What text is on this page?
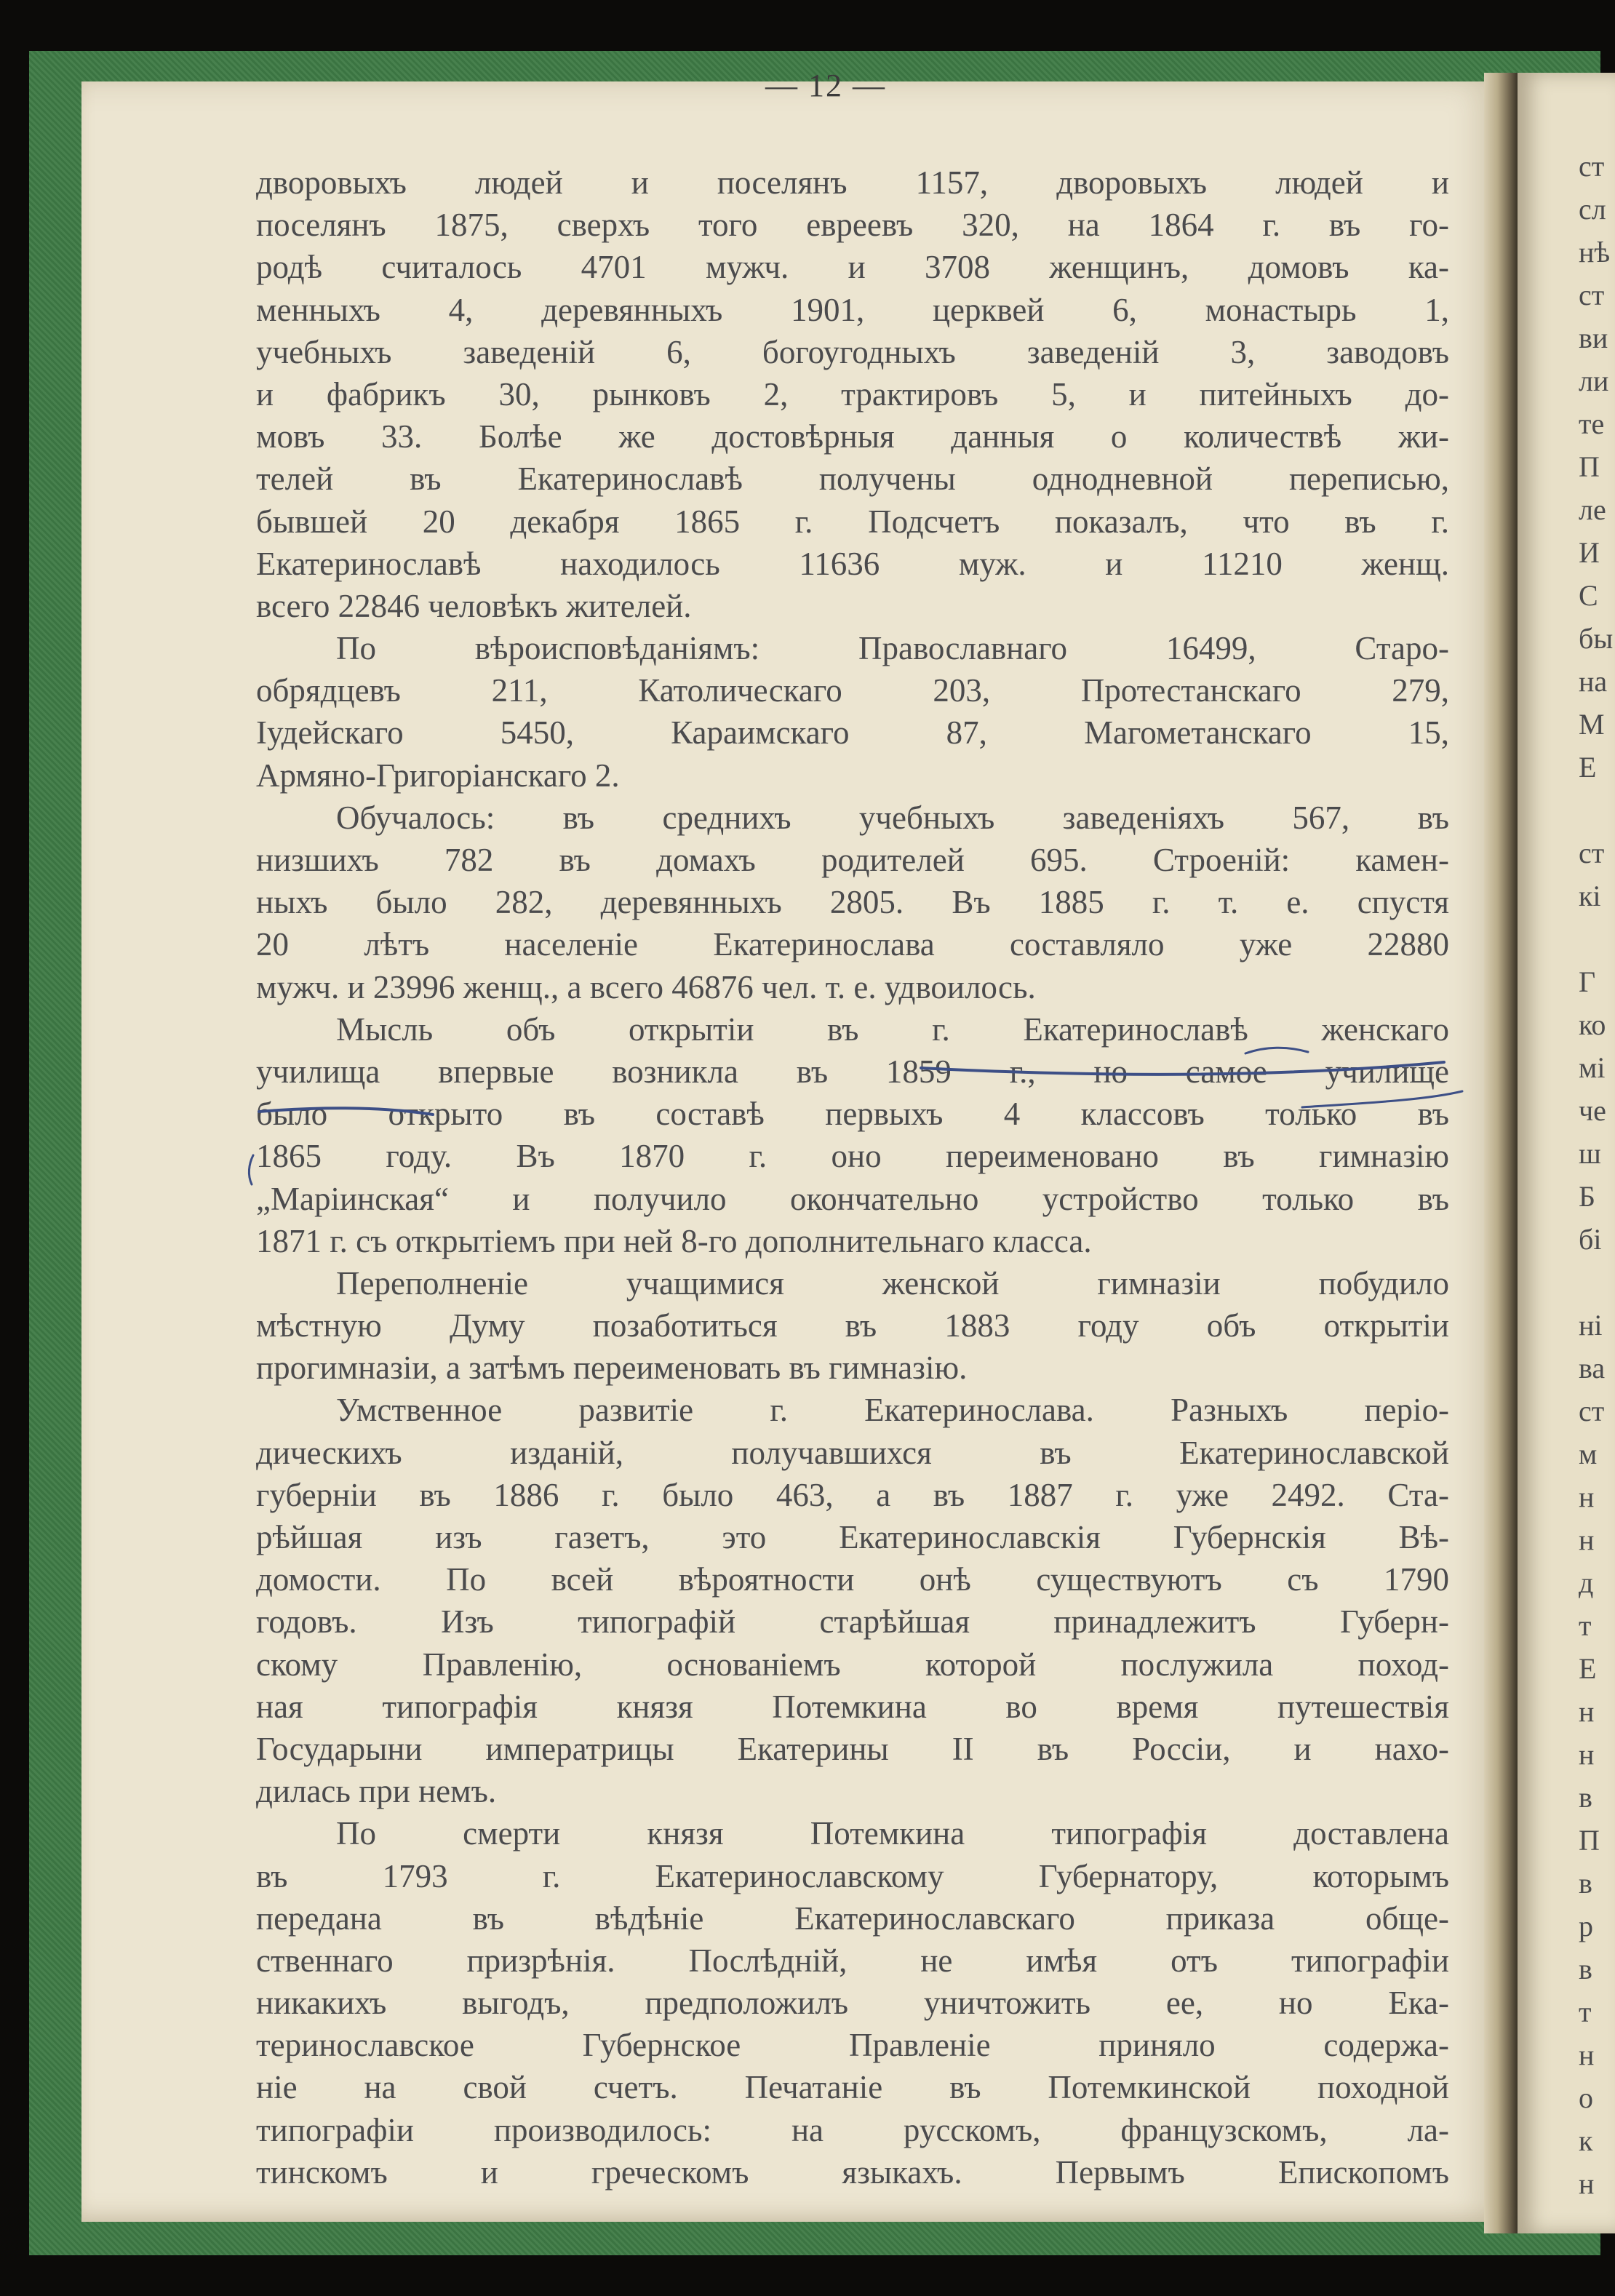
— 12 —
дворовыхъ людей и поселянъ 1157, дворовыхъ людей и
поселянъ 1875, сверхъ того евреевъ 320, на 1864 г. въ го-
родѣ считалось 4701 мужч. и 3708 женщинъ, домовъ ка-
менныхъ 4, деревянныхъ 1901, церквей 6, монастырь 1,
учебныхъ заведеній 6, богоугодныхъ заведеній 3, заводовъ
и фабрикъ 30, рынковъ 2, трактировъ 5, и питейныхъ до-
мовъ 33. Болѣе же достовѣрныя данныя о количествѣ жи-
телей въ Екатеринославѣ получены однодневной переписью,
бывшей 20 декабря 1865 г. Подсчетъ показалъ, что въ г.
Екатеринославѣ находилось 11636 муж. и 11210 женщ.
всего 22846 человѣкъ жителей.
По вѣроисповѣданіямъ: Православнаго 16499, Старо-
обрядцевъ 211, Католическаго 203, Протестанскаго 279,
Іудейскаго 5450, Караимскаго 87, Магометанскаго 15,
Армяно-Григоріанскаго 2.
Обучалось: въ среднихъ учебныхъ заведеніяхъ 567, въ
низшихъ 782 въ домахъ родителей 695. Строеній: камен-
ныхъ было 282, деревянныхъ 2805. Въ 1885 г. т. е. спустя
20 лѣтъ населеніе Екатеринослава составляло уже 22880
мужч. и 23996 женщ., а всего 46876 чел. т. е. удвоилось.
Мысль объ открытіи въ г. Екатеринославѣ женскаго
училища впервые возникла въ 1859 г., но самое училище
было открыто въ составѣ первыхъ 4 классовъ только въ
1865 году. Въ 1870 г. оно переименовано въ гимназію
„Маріинская“ и получило окончательно устройство только въ
1871 г. съ открытіемъ при ней 8-го дополнительнаго класса.
Переполненіе учащимися женской гимназіи побудило
мѣстную Думу позаботиться въ 1883 году объ открытіи
прогимназіи, а затѣмъ переименовать въ гимназію.
Умственное развитіе г. Екатеринослава. Разныхъ періо-
дическихъ изданій, получавшихся въ Екатеринославской
губерніи въ 1886 г. было 463, а въ 1887 г. уже 2492. Ста-
рѣйшая изъ газетъ, это Екатеринославскія Губернскія Вѣ-
домости. По всей вѣроятности онѣ существуютъ съ 1790
годовъ. Изъ типографій старѣйшая принадлежитъ Губерн-
скому Правленію, основаніемъ которой послужила поход-
ная типографія князя Потемкина во время путешествія
Государыни императрицы Екатерины II въ Россіи, и нахо-
дилась при немъ.
По смерти князя Потемкина типографія доставлена
въ 1793 г. Екатеринославскому Губернатору, которымъ
передана въ вѣдѣніе Екатеринославскаго приказа обще-
ственнаго призрѣнія. Послѣдній, не имѣя отъ типографіи
никакихъ выгодъ, предположилъ уничтожить ее, но Ека-
теринославское Губернское Правленіе приняло содержа-
ніе на свой счетъ. Печатаніе въ Потемкинской походной
типографіи производилось: на русскомъ, французскомъ, ла-
тинскомъ и греческомъ языкахъ. Первымъ Епископомъ
ст
сл
нѣ
ст
ви
ли
те
П
ле
И
С
бы
на
М
Е
ст
кі
Г
ко
мі
че
ш
Б
бі
ні
ва
ст
м
н
н
д
т
Е
н
н
в
П
в
р
в
т
н
о
к
н
